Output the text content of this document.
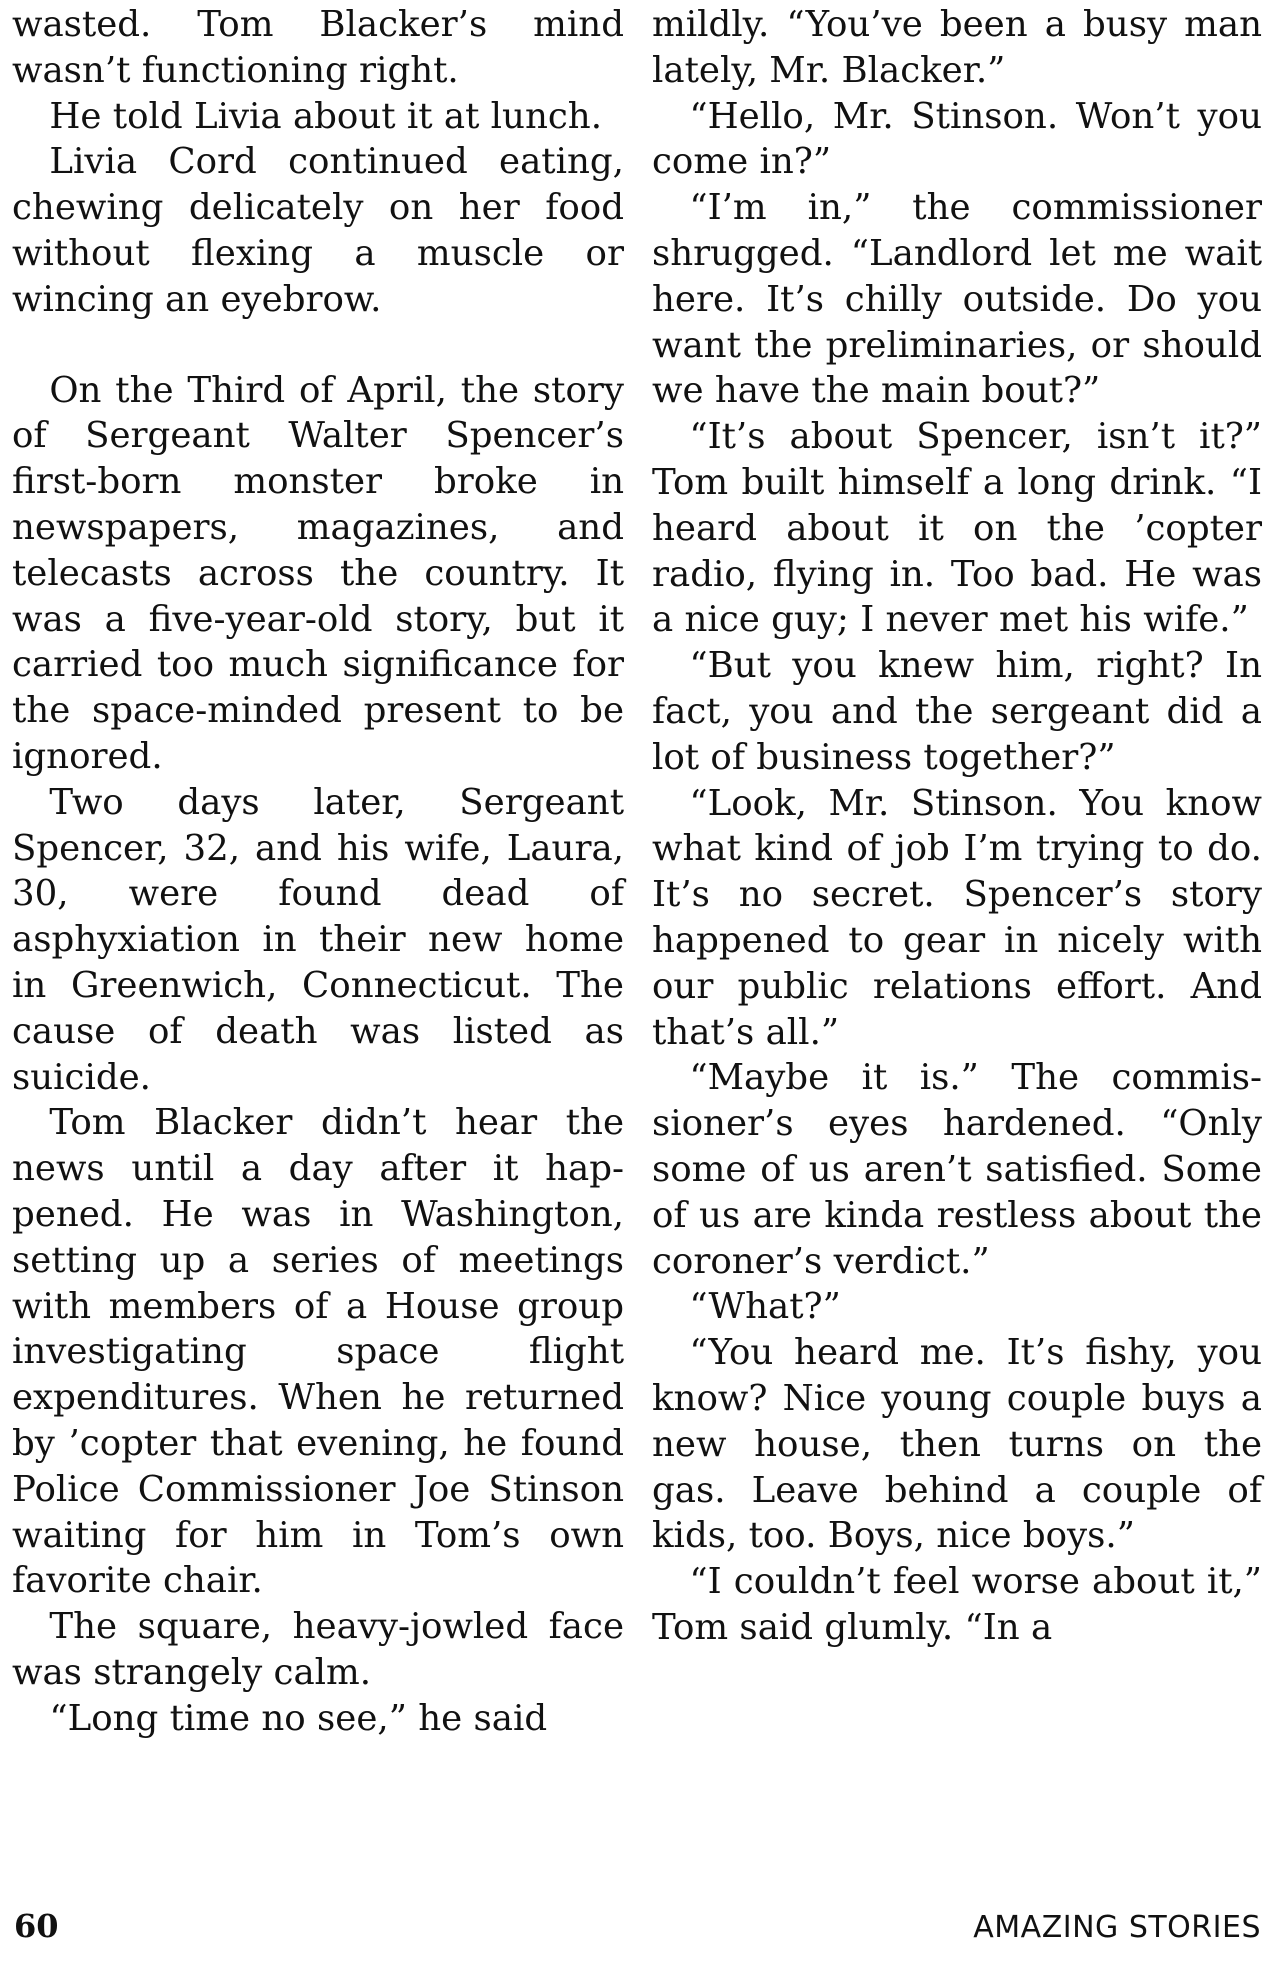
wasted. Tom Blacker’s mind wasn’t functioning right.

He told Livia about it at lunch.

Livia Cord continued eating, chewing delicately on her food without flexing a muscle or wincing an eyebrow.

On the Third of April, the story of Sergeant Walter Spencer’s first-born monster broke in newspapers, magazines, and telecasts across the country. It was a five-year-old story, but it carried too much significance for the space-minded present to be ignored.

Two days later, Sergeant Spencer, 32, and his wife, Laura, 30, were found dead of asphyxiation in their new home in Greenwich, Connecticut. The cause of death was listed as suicide.

Tom Blacker didn’t hear the news until a day after it happened. He was in Washington, setting up a series of meetings with members of a House group investigating space flight expenditures. When he returned by ’copter that evening, he found Police Commissioner Joe Stinson waiting for him in Tom’s own favorite chair.

The square, heavy-jowled face was strangely calm.

“Long time no see,” he said

mildly. “You’ve been a busy man lately, Mr. Blacker.”

“Hello, Mr. Stinson. Won’t you come in?”

“I’m in,” the commissioner shrugged. “Landlord let me wait here. It’s chilly outside. Do you want the preliminaries, or should we have the main bout?”

“It’s about Spencer, isn’t it?” Tom built himself a long drink. “I heard about it on the ’copter radio, flying in. Too bad. He was a nice guy; I never met his wife.”

“But you knew him, right? In fact, you and the sergeant did a lot of business together?”

“Look, Mr. Stinson. You know what kind of job I’m trying to do. It’s no secret. Spencer’s story happened to gear in nicely with our public relations effort. And that’s all.”

“Maybe it is.” The commissioner’s eyes hardened. “Only some of us aren’t satisfied. Some of us are kinda restless about the coroner’s verdict.”

“What?”

“You heard me. It’s fishy, you know? Nice young couple buys a new house, then turns on the gas. Leave behind a couple of kids, too. Boys, nice boys.”

“I couldn’t feel worse about it,” Tom said glumly. “In a

60	AMAZING STORIES
